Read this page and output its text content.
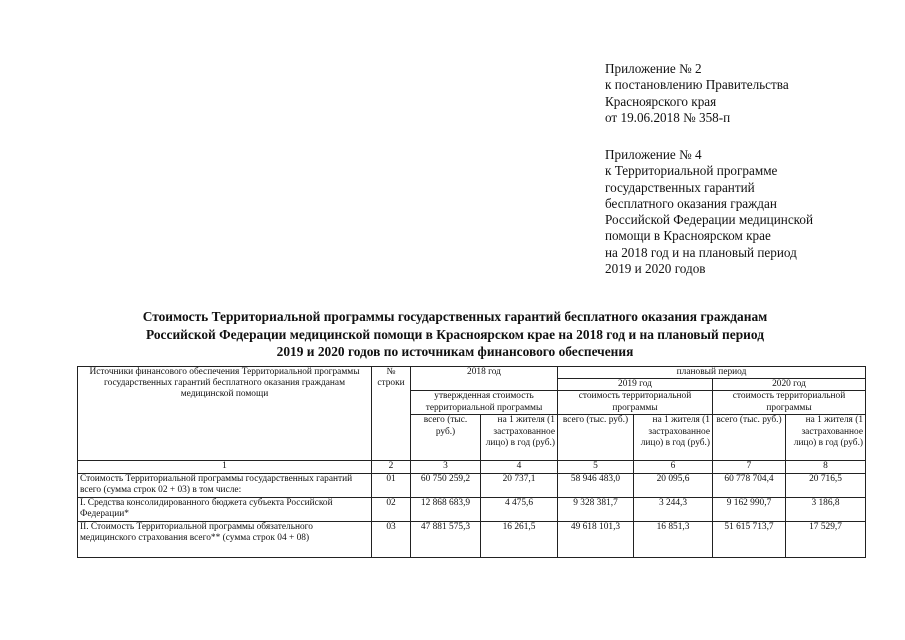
Приложение № 2
к постановлению Правительства
Красноярского края
от 19.06.2018 № 358-п
Приложение № 4
к Территориальной программе
государственных гарантий
бесплатного оказания граждан
Российской Федерации медицинской
помощи в Красноярском крае
на 2018 год и на плановый период
2019 и 2020 годов
Стоимость Территориальной программы государственных гарантий бесплатного оказания гражданам
Российской Федерации медицинской помощи в Красноярском крае на 2018 год и на плановый период
2019 и 2020 годов по источникам финансового обеспечения
Источники финансового обеспечения Территориальной программы государственных гарантий бесплатного оказания гражданам медицинской помощи	№ строки	2018 год		плановый период			
				2019 год		2020 год	
		утвержденная стоимость территориальной программы		стоимость территориальной программы		стоимость территориальной программы	
		всего (тыс. руб.)	на 1 жителя (1 застрахованное лицо) в год (руб.)	всего (тыс. руб.)	на 1 жителя (1 застрахованное лицо) в год (руб.)	всего (тыс. руб.)	на 1 жителя (1 застрахованное лицо) в год (руб.)
1	2	3	4	5	6	7	8
Стоимость Территориальной программы государственных гарантий всего (сумма строк 02 + 03) в том числе:	01	60 750 259,2	20 737,1	58 946 483,0	20 095,6	60 778 704,4	20 716,5
I. Средства консолидированного бюджета субъекта Российской Федерации*	02	12 868 683,9	4 475,6	9 328 381,7	3 244,3	9 162 990,7	3 186,8
II. Стоимость Территориальной программы обязательного медицинского страхования всего** (сумма строк 04 + 08)	03	47 881 575,3	16 261,5	49 618 101,3	16 851,3	51 615 713,7	17 529,7
